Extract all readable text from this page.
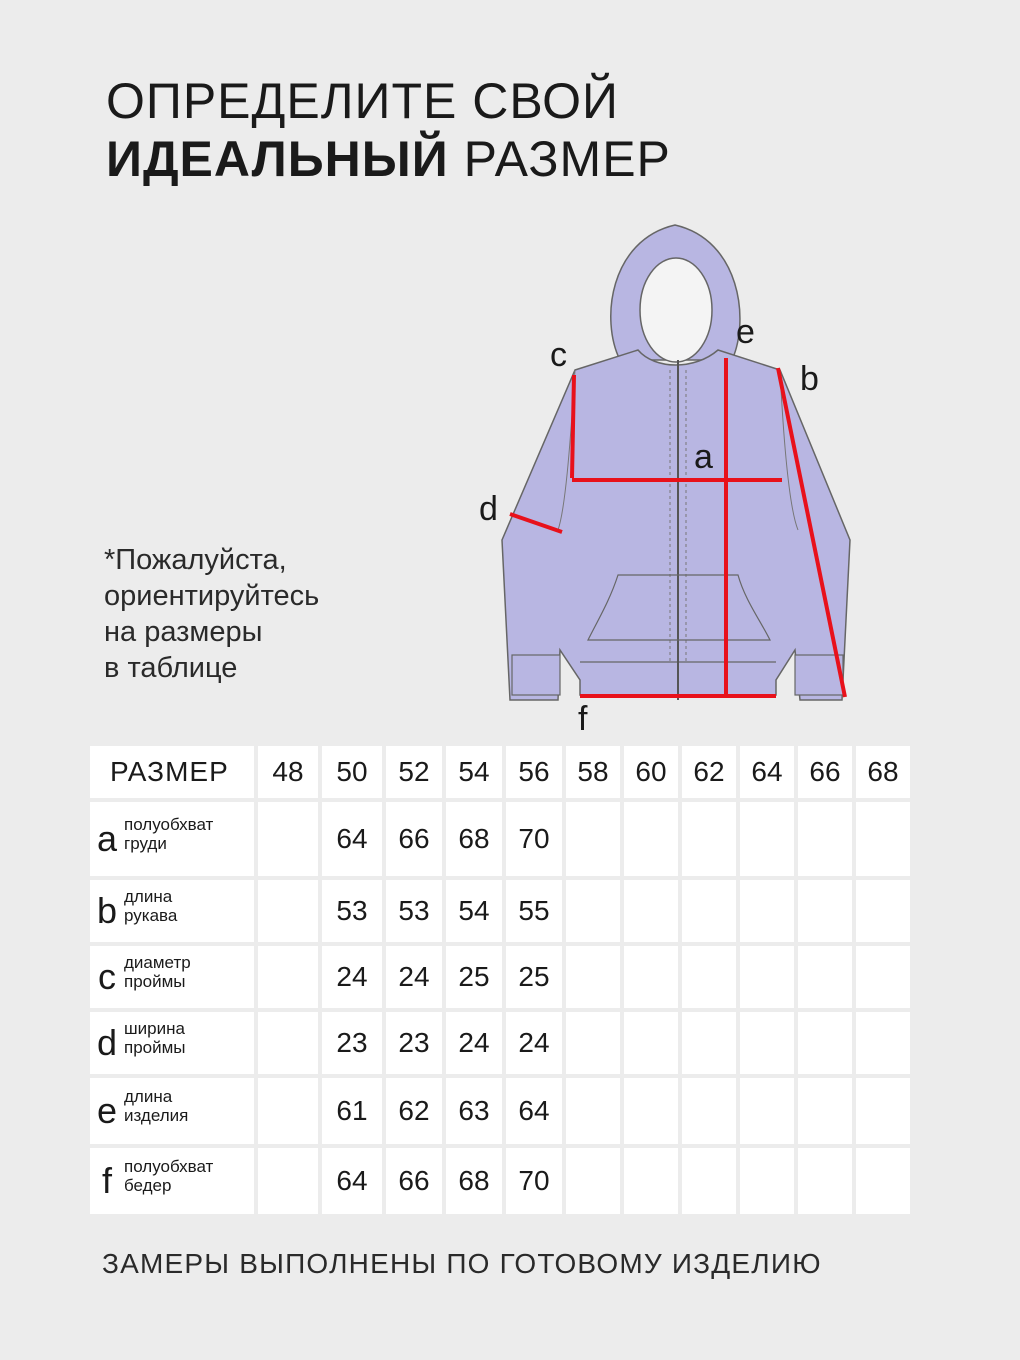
ОПРЕДЕЛИТЕ СВОЙ
ИДЕАЛЬНЫЙ РАЗМЕР
*Пожалуйста,
ориентируйтесь
на размеры
в таблице
a
b
c
d
e
f
РАЗМЕР	48	50	52	54	56	58	60	62	64	66	68

a полуобхват
груди		64	66	68	70						

b длина
рукава		53	53	54	55						

c диаметр
проймы		24	24	25	25						

d ширина
проймы		23	23	24	24						

e длина
изделия		61	62	63	64						

f полуобхват
бедер		64	66	68	70						
ЗАМЕРЫ ВЫПОЛНЕНЫ ПО ГОТОВОМУ ИЗДЕЛИЮ
